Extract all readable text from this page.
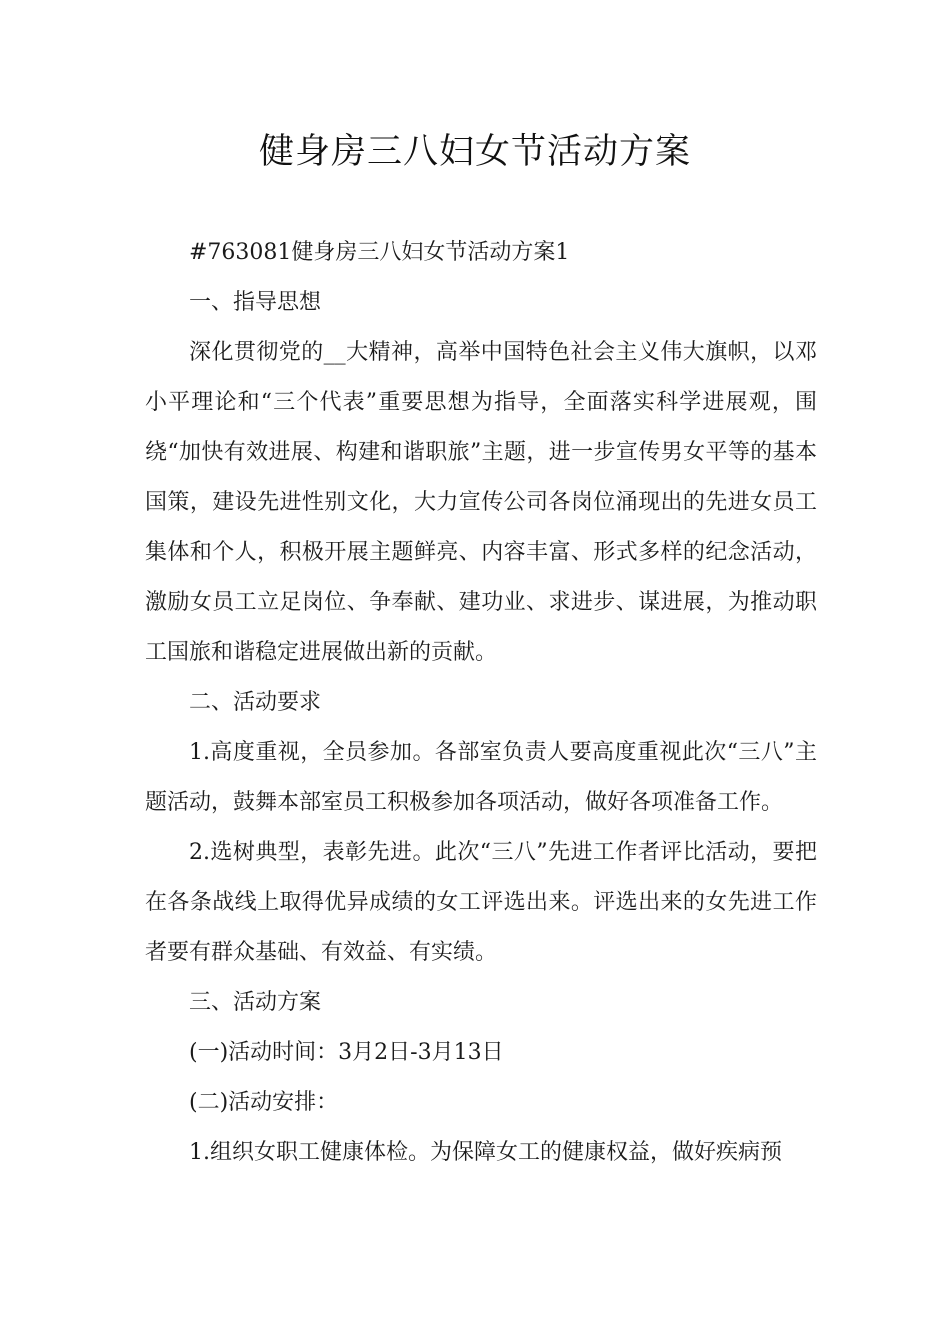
健身房三八妇女节活动方案

#763081健身房三八妇女节活动方案1

一、指导思想

深化贯彻党的__大精神，高举中国特色社会主义伟大旗帜，以邓小平理论和“三个代表”重要思想为指导，全面落实科学进展观，围绕“加快有效进展、构建和谐职旅”主题，进一步宣传男女平等的基本国策，建设先进性别文化，大力宣传公司各岗位涌现出的先进女员工集体和个人，积极开展主题鲜亮、内容丰富、形式多样的纪念活动，激励女员工立足岗位、争奉献、建功业、求进步、谋进展，为推动职工国旅和谐稳定进展做出新的贡献。

二、活动要求

1.高度重视，全员参加。各部室负责人要高度重视此次“三八”主题活动，鼓舞本部室员工积极参加各项活动，做好各项准备工作。

2.选树典型，表彰先进。此次“三八”先进工作者评比活动，要把在各条战线上取得优异成绩的女工评选出来。评选出来的女先进工作者要有群众基础、有效益、有实绩。

三、活动方案

(一)活动时间：3月2日-3月13日

(二)活动安排：

1.组织女职工健康体检。为保障女工的健康权益，做好疾病预
